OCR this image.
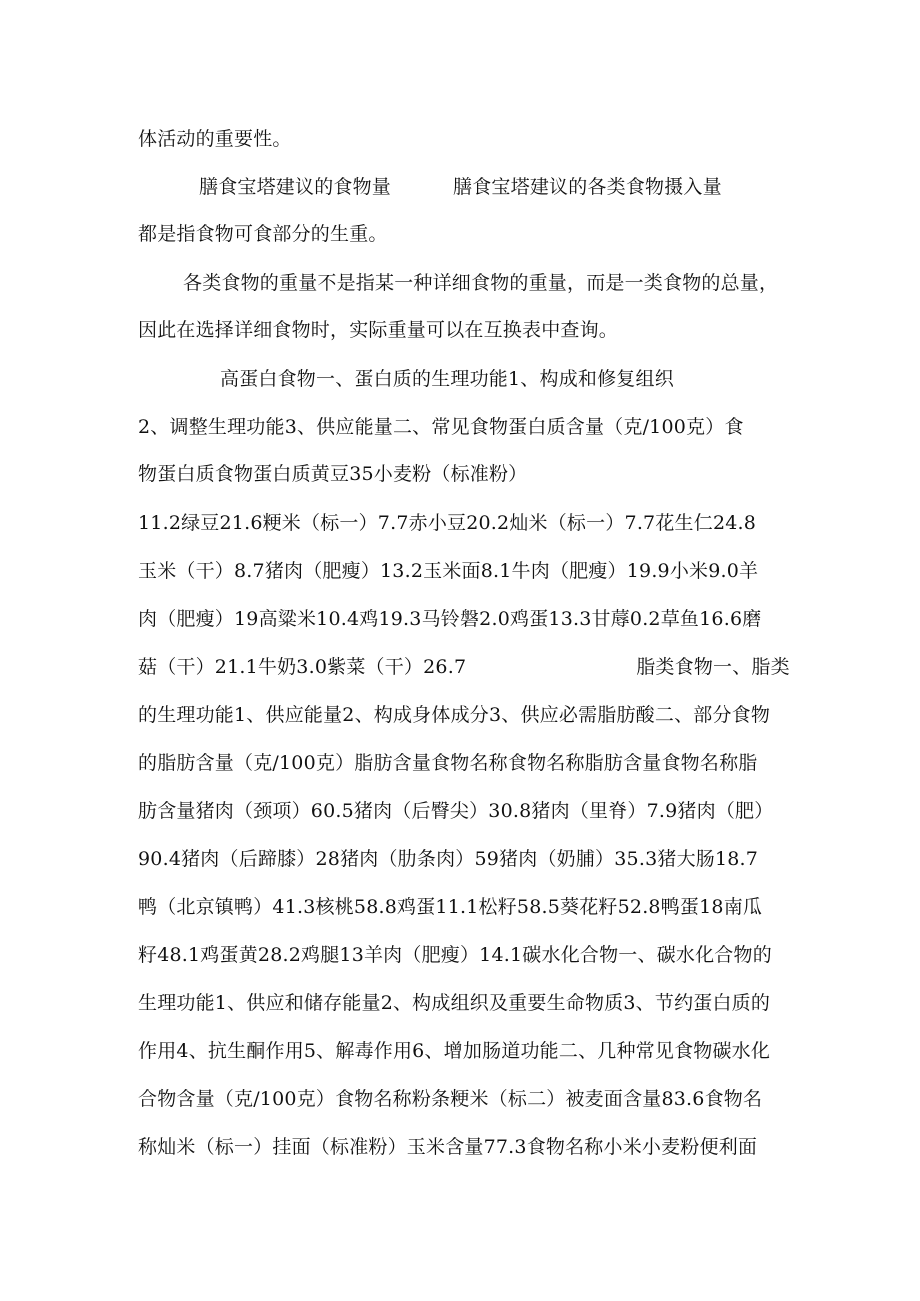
体活动的重要性。
膳食宝塔建议的食物量	膳食宝塔建议的各类食物摄入量
都是指食物可食部分的生重。
各类食物的重量不是指某一种详细食物的重量，而是一类食物的总量，
因此在选择详细食物时，实际重量可以在互换表中查询。
高蛋白食物一、蛋白质的生理功能1、构成和修复组织
2、调整生理功能3、供应能量二、常见食物蛋白质含量（克/100克）食
物蛋白质食物蛋白质黄豆35小麦粉（标准粉）
11.2绿豆21.6粳米（标一）7.7赤小豆20.2灿米（标一）7.7花生仁24.8
玉米（干）8.7猪肉（肥瘦）13.2玉米面8.1牛肉（肥瘦）19.9小米9.0羊
肉（肥瘦）19高粱米10.4鸡19.3马铃磐2.0鸡蛋13.3甘蓐0.2草鱼16.6磨
菇（干）21.1牛奶3.0紫菜（干）26.7	脂类食物一、脂类
的生理功能1、供应能量2、构成身体成分3、供应必需脂肪酸二、部分食物
的脂肪含量（克/100克）脂肪含量食物名称食物名称脂肪含量食物名称脂
肪含量猪肉（颈项）60.5猪肉（后臀尖）30.8猪肉（里脊）7.9猪肉（肥）
90.4猪肉（后蹄膝）28猪肉（肋条肉）59猪肉（奶脯）35.3猪大肠18.7
鸭（北京镇鸭）41.3核桃58.8鸡蛋11.1松籽58.5葵花籽52.8鸭蛋18南瓜
籽48.1鸡蛋黄28.2鸡腿13羊肉（肥瘦）14.1碳水化合物一、碳水化合物的
生理功能1、供应和储存能量2、构成组织及重要生命物质3、节约蛋白质的
作用4、抗生酮作用5、解毒作用6、增加肠道功能二、几种常见食物碳水化
合物含量（克/100克）食物名称粉条粳米（标二）被麦面含量83.6食物名
称灿米（标一）挂面（标准粉）玉米含量77.3食物名称小米小麦粉便利面
